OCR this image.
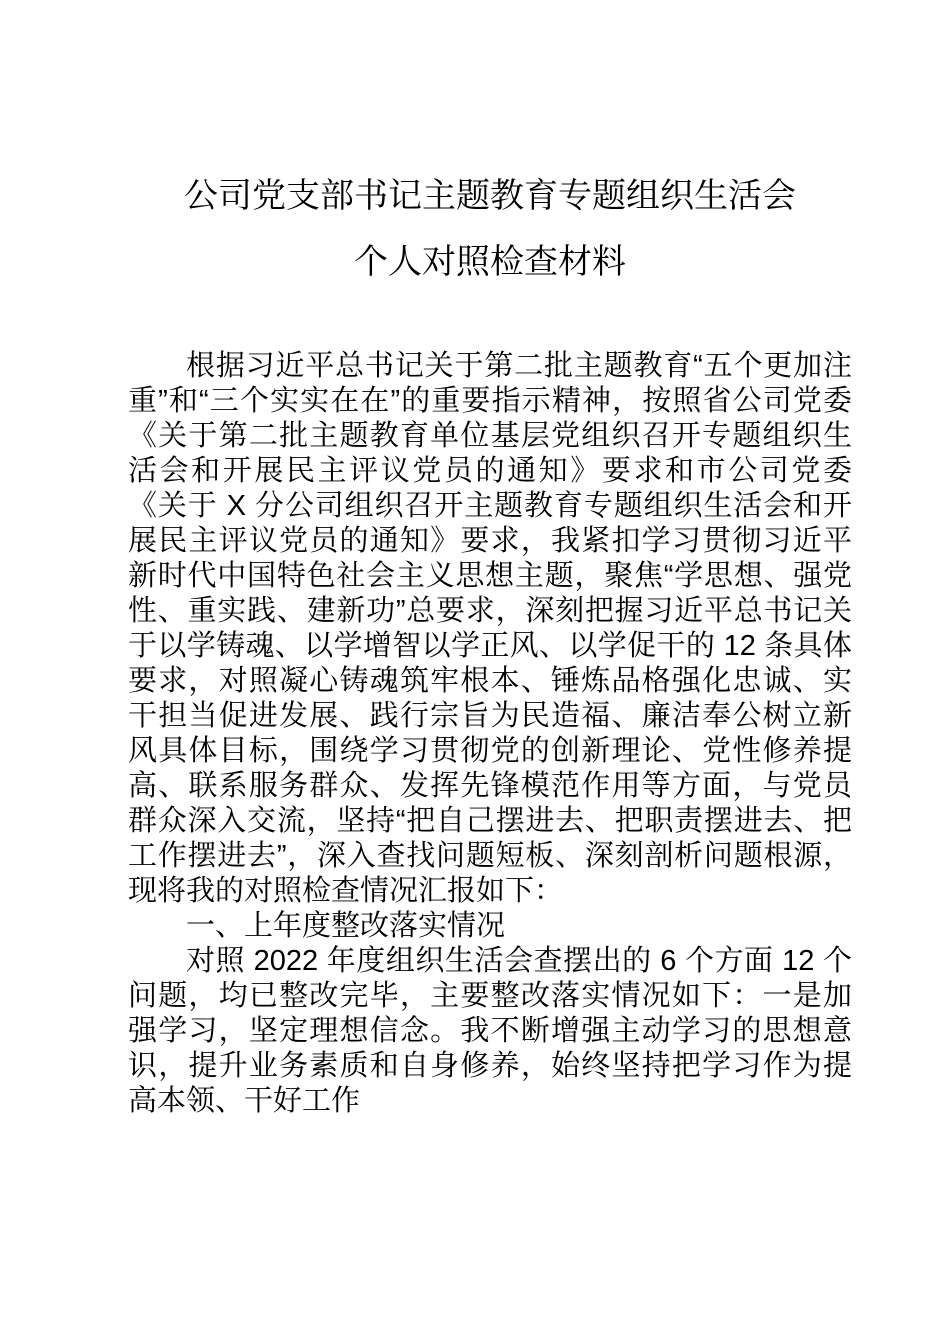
公司党支部书记主题教育专题组织生活会
个人对照检查材料

根据习近平总书记关于第二批主题教育“五个更加注重”和“三个实实在在”的重要指示精神，按照省公司党委《关于第二批主题教育单位基层党组织召开专题组织生活会和开展民主评议党员的通知》要求和市公司党委《关于 X 分公司组织召开主题教育专题组织生活会和开展民主评议党员的通知》要求，我紧扣学习贯彻习近平新时代中国特色社会主义思想主题，聚焦“学思想、强党性、重实践、建新功”总要求，深刻把握习近平总书记关于以学铸魂、以学增智以学正风、以学促干的 12 条具体要求，对照凝心铸魂筑牢根本、锤炼品格强化忠诚、实干担当促进发展、践行宗旨为民造福、廉洁奉公树立新风具体目标，围绕学习贯彻党的创新理论、党性修养提高、联系服务群众、发挥先锋模范作用等方面，与党员群众深入交流，坚持“把自己摆进去、把职责摆进去、把工作摆进去”，深入查找问题短板、深刻剖析问题根源，现将我的对照检查情况汇报如下：

一、上年度整改落实情况

对照 2022 年度组织生活会查摆出的 6 个方面 12 个问题，均已整改完毕，主要整改落实情况如下：一是加强学习，坚定理想信念。我不断增强主动学习的思想意识，提升业务素质和自身修养，始终坚持把学习作为提高本领、干好工作
